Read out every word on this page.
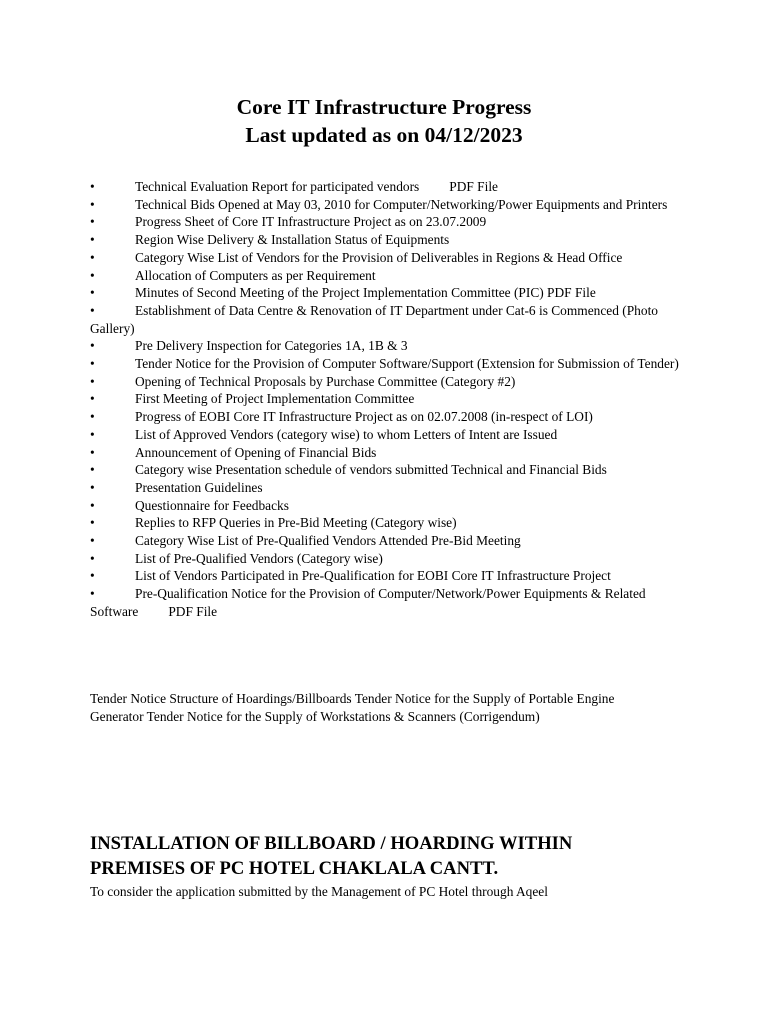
Core IT Infrastructure Progress
Last updated as on 04/12/2023
•	Technical Evaluation Report for participated vendors PDF File
•	Technical Bids Opened at May 03, 2010 for Computer/Networking/Power Equipments and Printers
•	Progress Sheet of Core IT Infrastructure Project as on 23.07.2009
•	Region Wise Delivery & Installation Status of Equipments
•	Category Wise List of Vendors for the Provision of Deliverables in Regions & Head Office
•	Allocation of Computers as per Requirement
•	Minutes of Second Meeting of the Project Implementation Committee (PIC) PDF File
•	Establishment of Data Centre & Renovation of IT Department under Cat-6 is Commenced (Photo Gallery)
•	Pre Delivery Inspection for Categories 1A, 1B & 3
•	Tender Notice for the Provision of Computer Software/Support (Extension for Submission of Tender)
•	Opening of Technical Proposals by Purchase Committee (Category #2)
•	First Meeting of Project Implementation Committee
•	Progress of EOBI Core IT Infrastructure Project as on 02.07.2008 (in-respect of LOI)
•	List of Approved Vendors (category wise) to whom Letters of Intent are Issued
•	Announcement of Opening of Financial Bids
•	Category wise Presentation schedule of vendors submitted Technical and Financial Bids
•	Presentation Guidelines
•	Questionnaire for Feedbacks
•	Replies to RFP Queries in Pre-Bid Meeting (Category wise)
•	Category Wise List of Pre-Qualified Vendors Attended Pre-Bid Meeting
•	List of Pre-Qualified Vendors (Category wise)
•	List of Vendors Participated in Pre-Qualification for EOBI Core IT Infrastructure Project
•	Pre-Qualification Notice for the Provision of Computer/Network/Power Equipments & Related Software PDF File
Tender Notice Structure of Hoardings/Billboards Tender Notice for the Supply of Portable Engine Generator Tender Notice for the Supply of Workstations & Scanners (Corrigendum)
INSTALLATION OF BILLBOARD / HOARDING WITHIN
PREMISES OF PC HOTEL CHAKLALA CANTT.
To consider the application submitted by the Management of PC Hotel through Aqeel
